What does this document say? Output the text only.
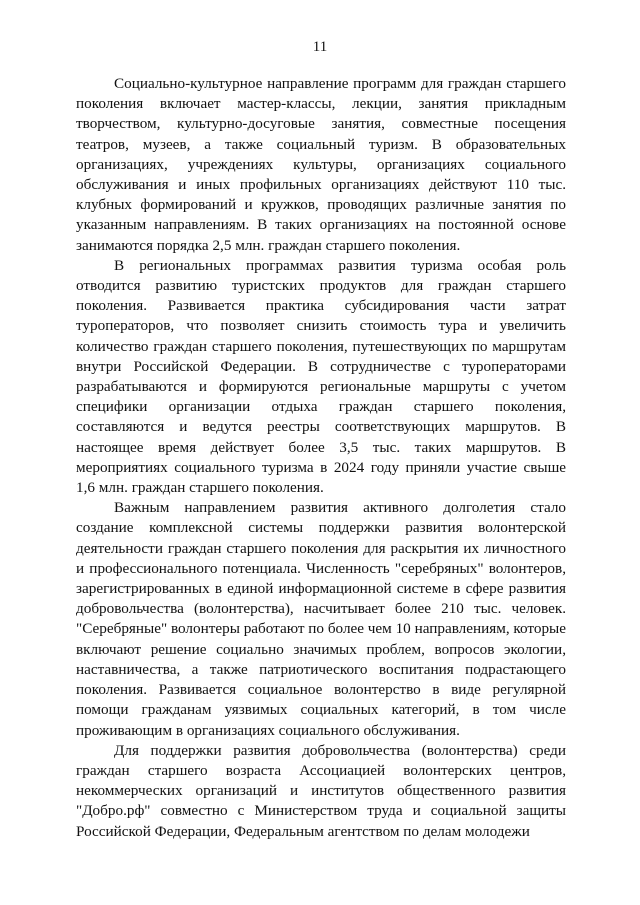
11

Социально-культурное направление программ для граждан старшего поколения включает мастер-классы, лекции, занятия прикладным творчеством, культурно-досуговые занятия, совместные посещения театров, музеев, а также социальный туризм. В образовательных организациях, учреждениях культуры, организациях социального обслуживания и иных профильных организациях действуют 110 тыс. клубных формирований и кружков, проводящих различные занятия по указанным направлениям. В таких организациях на постоянной основе занимаются порядка 2,5 млн. граждан старшего поколения.

В региональных программах развития туризма особая роль отводится развитию туристских продуктов для граждан старшего поколения. Развивается практика субсидирования части затрат туроператоров, что позволяет снизить стоимость тура и увеличить количество граждан старшего поколения, путешествующих по маршрутам внутри Российской Федерации. В сотрудничестве с туроператорами разрабатываются и формируются региональные маршруты с учетом специфики организации отдыха граждан старшего поколения, составляются и ведутся реестры соответствующих маршрутов. В настоящее время действует более 3,5 тыс. таких маршрутов. В мероприятиях социального туризма в 2024 году приняли участие свыше 1,6 млн. граждан старшего поколения.

Важным направлением развития активного долголетия стало создание комплексной системы поддержки развития волонтерской деятельности граждан старшего поколения для раскрытия их личностного и профессионального потенциала. Численность "серебряных" волонтеров, зарегистрированных в единой информационной системе в сфере развития добровольчества (волонтерства), насчитывает более 210 тыс. человек. "Серебряные" волонтеры работают по более чем 10 направлениям, которые включают решение социально значимых проблем, вопросов экологии, наставничества, а также патриотического воспитания подрастающего поколения. Развивается социальное волонтерство в виде регулярной помощи гражданам уязвимых социальных категорий, в том числе проживающим в организациях социального обслуживания.

Для поддержки развития добровольчества (волонтерства) среди граждан старшего возраста Ассоциацией волонтерских центров, некоммерческих организаций и институтов общественного развития "Добро.рф" совместно с Министерством труда и социальной защиты Российской Федерации, Федеральным агентством по делам молодежи
